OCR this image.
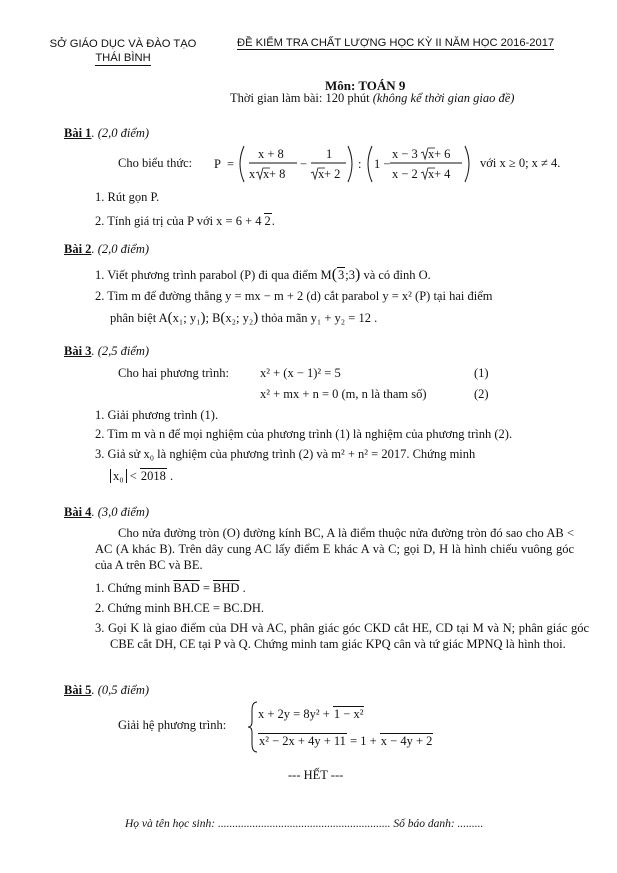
SỞ GIÁO DỤC VÀ ĐÀO TẠO
THÁI BÌNH
ĐỀ KIỂM TRA CHẤT LƯỢNG HỌC KỲ II NĂM HỌC 2016-2017
Môn: TOÁN 9
Thời gian làm bài: 120 phút (không kể thời gian giao đề)
Bài 1. (2,0 điểm)
Cho biểu thức: P =
x + 8
x x + 8
−
1
x + 2
: 1 −
x − 3 x + 6
x − 2 x + 4
với x ≥ 0; x ≠ 4.
1. Rút gọn P.
2. Tính giá trị của P với x = 6 + 4 2.
Bài 2. (2,0 điểm)
1. Viết phương trình parabol (P) đi qua điểm M(3;3) và có đỉnh O.
2. Tìm m để đường thẳng y = mx − m + 2 (d) cắt parabol y = x² (P) tại hai điểm
phân biệt A(x₁; y₁); B(x₂; y₂) thỏa mãn y₁ + y₂ = 12 .
Bài 3. (2,5 điểm)
Cho hai phương trình: x² + (x − 1)² = 5	(1)
x² + mx + n = 0 (m, n là tham số)	(2)
1. Giải phương trình (1).
2. Tìm m và n để mọi nghiệm của phương trình (1) là nghiệm của phương trình (2).
3. Giả sử x₀ là nghiệm của phương trình (2) và m² + n² = 2017. Chứng minh
x₀ < 2018 .
Bài 4. (3,0 điểm)
Cho nửa đường tròn (O) đường kính BC, A là điểm thuộc nửa đường tròn đó sao cho AB < AC (A khác B). Trên dây cung AC lấy điểm E khác A và C; gọi D, H là hình chiếu vuông góc của A trên BC và BE.
1. Chứng minh $\overline{BAD} = \overline{BHD}$ .
2. Chứng minh BH.CE = BC.DH.
3. Gọi K là giao điểm của DH và AC, phân giác góc CKD cắt HE, CD tại M và N; phân giác góc CBE cắt DH, CE tại P và Q. Chứng minh tam giác KPQ cân và tứ giác MPNQ là hình thoi.
Bài 5. (0,5 điểm)
Giải hệ phương trình:
x + 2y = 8y² + 1 − x²
x² − 2x + 4y + 11 = 1 + x − 4y + 2
--- HẾT ---
Họ và tên học sinh: ............................................................ Số báo danh: .........
